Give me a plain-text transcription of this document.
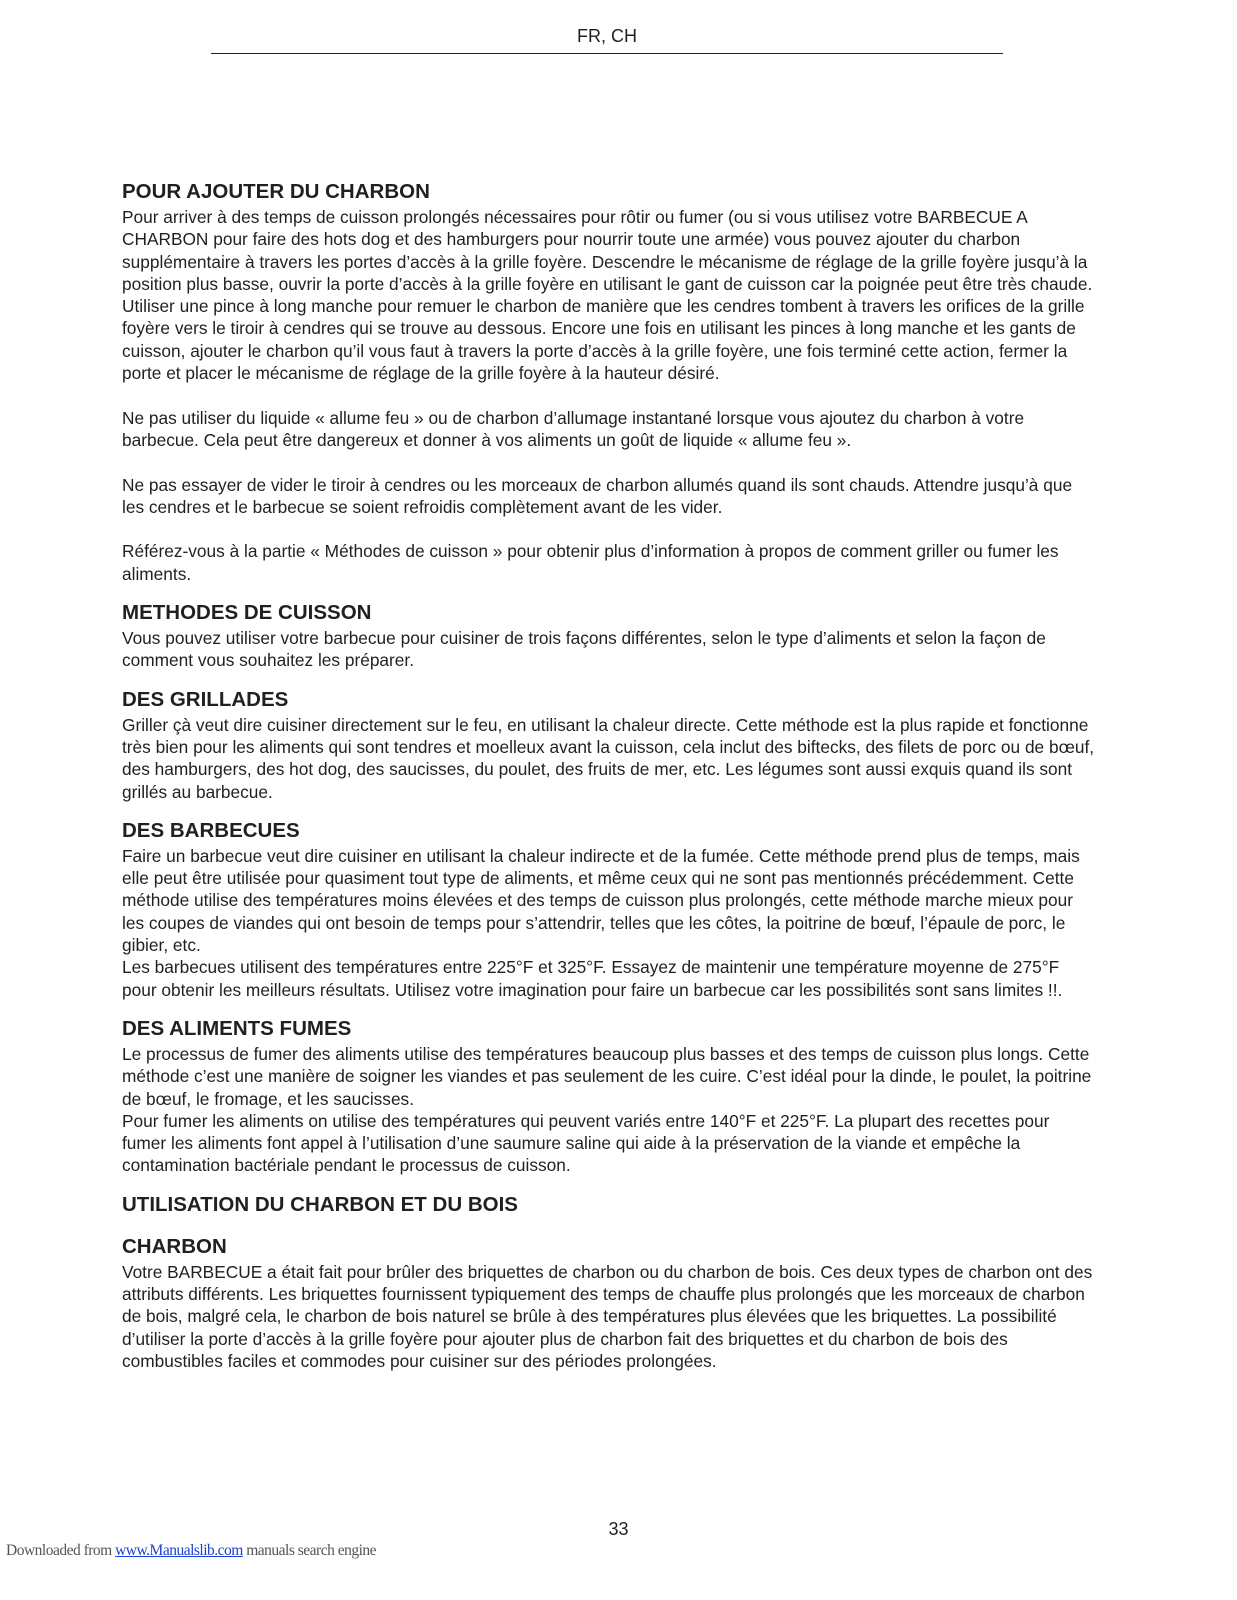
FR, CH
POUR AJOUTER DU CHARBON

Pour arriver à des temps de cuisson prolongés nécessaires pour rôtir ou fumer (ou si vous utilisez votre BARBECUE A CHARBON pour faire des hots dog et des hamburgers pour nourrir toute une armée) vous pouvez ajouter du charbon supplémentaire à travers les portes d’accès à la grille foyère. Descendre le mécanisme de réglage de la grille foyère jusqu’à la position plus basse, ouvrir la porte d’accès à la grille foyère en utilisant le gant de cuisson car la poignée peut être très chaude. Utiliser une pince à long manche pour remuer le charbon de manière que les cendres tombent à travers les orifices de la grille foyère vers le tiroir à cendres qui se trouve au dessous. Encore une fois en utilisant les pinces à long manche et les gants de cuisson, ajouter le charbon qu’il vous faut à travers la porte d’accès à la grille foyère, une fois terminé cette action, fermer la porte et placer le mécanisme de réglage de la grille foyère à la hauteur désiré.

Ne pas utiliser du liquide « allume feu » ou de charbon d’allumage instantané lorsque vous ajoutez du charbon à votre barbecue. Cela peut être dangereux et donner à vos aliments un goût de liquide « allume feu ».

Ne pas essayer de vider le tiroir à cendres ou les morceaux de charbon allumés quand ils sont chauds. Attendre jusqu’à que les cendres et le barbecue se soient refroidis complètement avant de les vider.

Référez-vous à la partie « Méthodes de cuisson » pour obtenir plus d’information à propos de comment griller ou fumer les aliments.

METHODES DE CUISSON

Vous pouvez utiliser votre barbecue pour cuisiner de trois façons différentes, selon le type d’aliments et selon la façon de comment vous souhaitez les préparer.

DES GRILLADES

Griller çà veut dire cuisiner directement sur le feu, en utilisant la chaleur directe. Cette méthode est la plus rapide et fonctionne très bien pour les aliments qui sont tendres et moelleux avant la cuisson, cela inclut des biftecks, des filets de porc ou de bœuf, des hamburgers, des hot dog, des saucisses, du poulet, des fruits de mer, etc. Les légumes sont aussi exquis quand ils sont grillés au barbecue.

DES BARBECUES

Faire un barbecue veut dire cuisiner en utilisant la chaleur indirecte et de la fumée. Cette méthode prend plus de temps, mais elle peut être utilisée pour quasiment tout type de aliments, et même ceux qui ne sont pas mentionnés précédemment. Cette méthode utilise des températures moins élevées et des temps de cuisson plus prolongés, cette méthode marche mieux pour les coupes de viandes qui ont besoin de temps pour s’attendrir, telles que les côtes, la poitrine de bœuf, l’épaule de porc, le gibier, etc.

Les barbecues utilisent des températures entre 225°F et 325°F. Essayez de maintenir une température moyenne de 275°F pour obtenir les meilleurs résultats. Utilisez votre imagination pour faire un barbecue car les possibilités sont sans limites !!.

DES ALIMENTS FUMES

Le processus de fumer des aliments utilise des températures beaucoup plus basses et des temps de cuisson plus longs. Cette méthode c’est une manière de soigner les viandes et pas seulement de les cuire. C’est idéal pour la dinde, le poulet, la poitrine de bœuf, le fromage, et les saucisses.

Pour fumer les aliments on utilise des températures qui peuvent variés entre 140°F et 225°F. La plupart des recettes pour fumer les aliments font appel à l’utilisation d’une saumure saline qui aide à la préservation de la viande et empêche la contamination bactériale pendant le processus de cuisson.

UTILISATION DU CHARBON ET DU BOIS
CHARBON

Votre BARBECUE a était fait pour brûler des briquettes de charbon ou du charbon de bois. Ces deux types de charbon ont des attributs différents. Les briquettes fournissent typiquement des temps de chauffe plus prolongés que les morceaux de charbon de bois, malgré cela, le charbon de bois naturel se brûle à des températures plus élevées que les briquettes. La possibilité d’utiliser la porte d’accès à la grille foyère pour ajouter plus de charbon fait des briquettes et du charbon de bois des combustibles faciles et commodes pour cuisiner sur des périodes prolongées.

33
Downloaded from www.Manualslib.com manuals search engine
